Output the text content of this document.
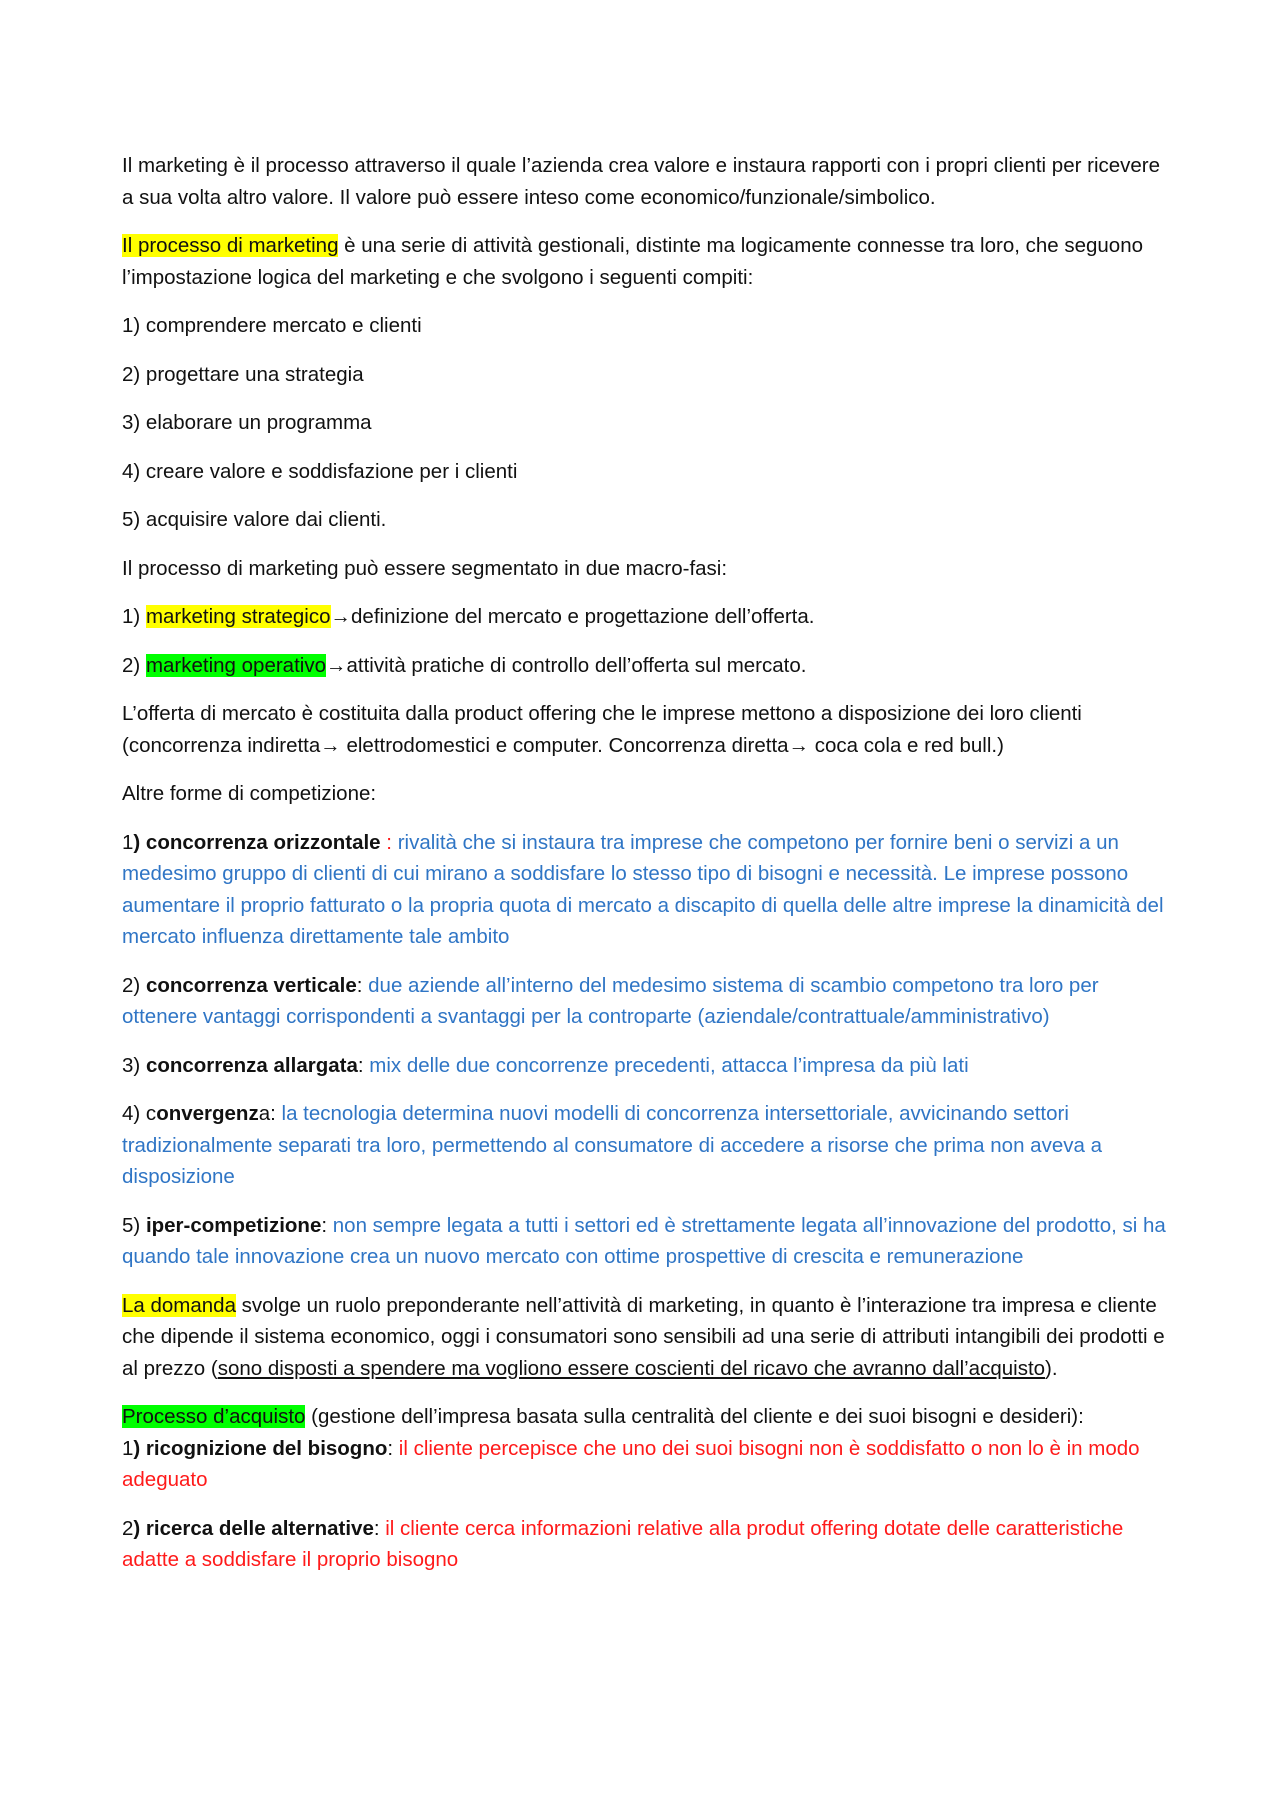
Il marketing è il processo attraverso il quale l’azienda crea valore e instaura rapporti con i propri clienti per ricevere a sua volta altro valore. Il valore può essere inteso come economico/funzionale/simbolico.

Il processo di marketing è una serie di attività gestionali, distinte ma logicamente connesse tra loro, che seguono l’impostazione logica del marketing e che svolgono i seguenti compiti:

1) comprendere mercato e clienti

2) progettare una strategia

3) elaborare un programma

4) creare valore e soddisfazione per i clienti

5) acquisire valore dai clienti.

Il processo di marketing può essere segmentato in due macro-fasi:

1) marketing strategico→definizione del mercato e progettazione dell’offerta.

2) marketing operativo→attività pratiche di controllo dell’offerta sul mercato.

L’offerta di mercato è costituita dalla product offering che le imprese mettono a disposizione dei loro clienti (concorrenza indiretta→ elettrodomestici e computer. Concorrenza diretta→ coca cola e red bull.)

Altre forme di competizione:

1) concorrenza orizzontale : rivalità che si instaura tra imprese che competono per fornire beni o servizi a un medesimo gruppo di clienti di cui mirano a soddisfare lo stesso tipo di bisogni e necessità. Le imprese possono aumentare il proprio fatturato o la propria quota di mercato a discapito di quella delle altre imprese la dinamicità del mercato influenza direttamente tale ambito

2) concorrenza verticale: due aziende all’interno del medesimo sistema di scambio competono tra loro per ottenere vantaggi corrispondenti a svantaggi per la controparte (aziendale/contrattuale/amministrativo)

3) concorrenza allargata: mix delle due concorrenze precedenti, attacca l’impresa da più lati

4) convergenza: la tecnologia determina nuovi modelli di concorrenza intersettoriale, avvicinando settori tradizionalmente separati tra loro, permettendo al consumatore di accedere a risorse che prima non aveva a disposizione

5) iper-competizione: non sempre legata a tutti i settori ed è strettamente legata all’innovazione del prodotto, si ha quando tale innovazione crea un nuovo mercato con ottime prospettive di crescita e remunerazione

La domanda svolge un ruolo preponderante nell’attività di marketing, in quanto è l’interazione tra impresa e cliente che dipende il sistema economico, oggi i consumatori sono sensibili ad una serie di attributi intangibili dei prodotti e al prezzo (sono disposti a spendere ma vogliono essere coscienti del ricavo che avranno dall’acquisto).

Processo d’acquisto (gestione dell’impresa basata sulla centralità del cliente e dei suoi bisogni e desideri):

1) ricognizione del bisogno: il cliente percepisce che uno dei suoi bisogni non è soddisfatto o non lo è in modo adeguato

2) ricerca delle alternative: il cliente cerca informazioni relative alla produt offering dotate delle caratteristiche adatte a soddisfare il proprio bisogno
